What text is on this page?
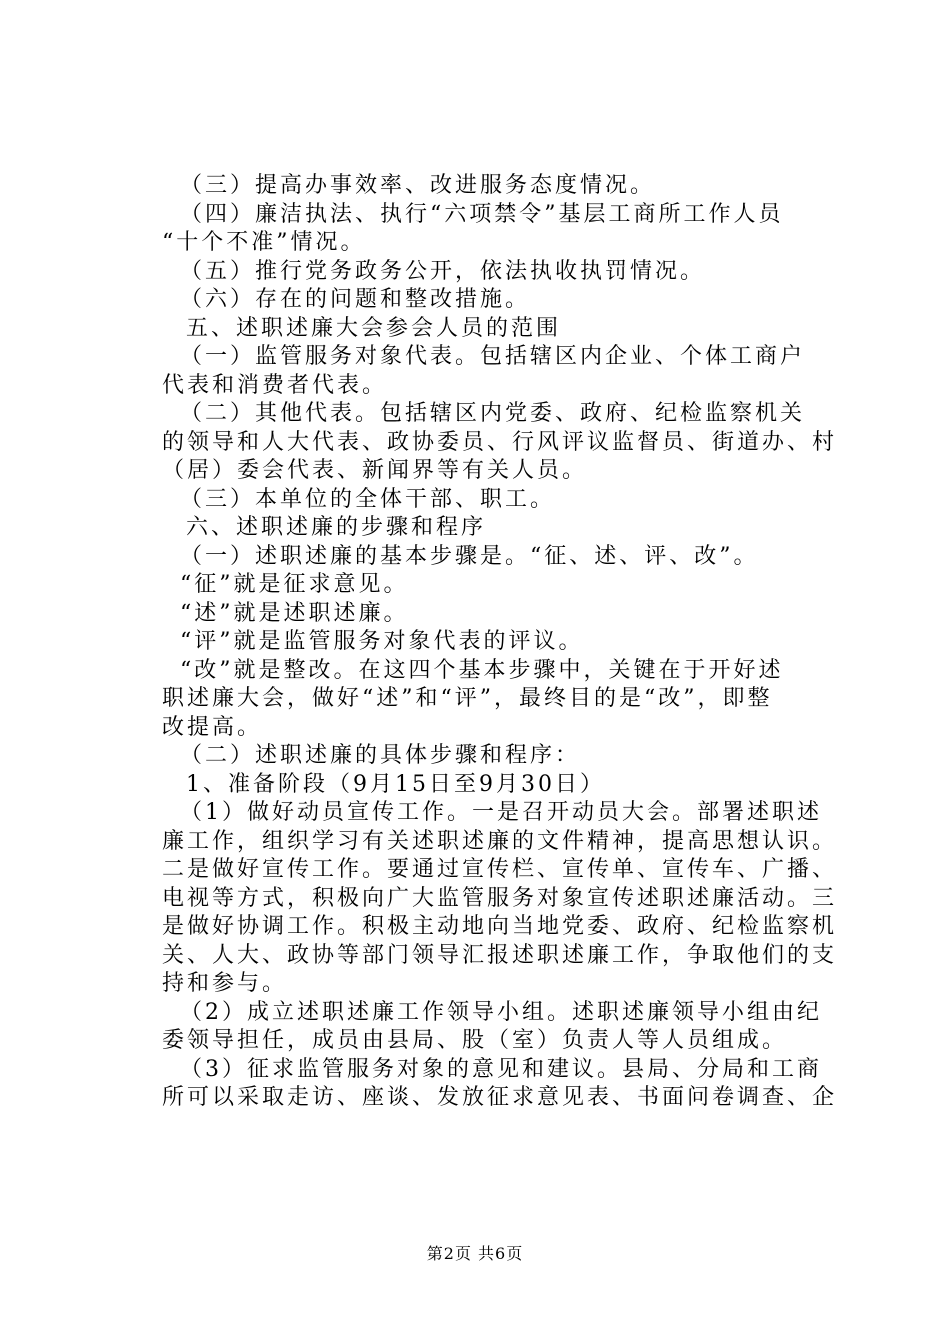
（三）提高办事效率、改进服务态度情况。
（四）廉洁执法、执行“六项禁令”基层工商所工作人员
“十个不准”情况。
（五）推行党务政务公开，依法执收执罚情况。
（六）存在的问题和整改措施。
五、述职述廉大会参会人员的范围
（一）监管服务对象代表。包括辖区内企业、个体工商户
代表和消费者代表。
（二）其他代表。包括辖区内党委、政府、纪检监察机关
的领导和人大代表、政协委员、行风评议监督员、街道办、村
（居）委会代表、新闻界等有关人员。
（三）本单位的全体干部、职工。
六、述职述廉的步骤和程序
（一）述职述廉的基本步骤是。“征、述、评、改”。
“征”就是征求意见。
“述”就是述职述廉。
“评”就是监管服务对象代表的评议。
“改”就是整改。在这四个基本步骤中，关键在于开好述
职述廉大会，做好“述”和“评”，最终目的是“改”，即整
改提高。
（二）述职述廉的具体步骤和程序：
1、准备阶段（9月15日至9月30日）
（1）做好动员宣传工作。一是召开动员大会。部署述职述
廉工作，组织学习有关述职述廉的文件精神，提高思想认识。
二是做好宣传工作。要通过宣传栏、宣传单、宣传车、广播、
电视等方式，积极向广大监管服务对象宣传述职述廉活动。三
是做好协调工作。积极主动地向当地党委、政府、纪检监察机
关、人大、政协等部门领导汇报述职述廉工作，争取他们的支
持和参与。
（2）成立述职述廉工作领导小组。述职述廉领导小组由纪
委领导担任，成员由县局、股（室）负责人等人员组成。
（3）征求监管服务对象的意见和建议。县局、分局和工商
所可以采取走访、座谈、发放征求意见表、书面问卷调查、企
第2页 共6页
